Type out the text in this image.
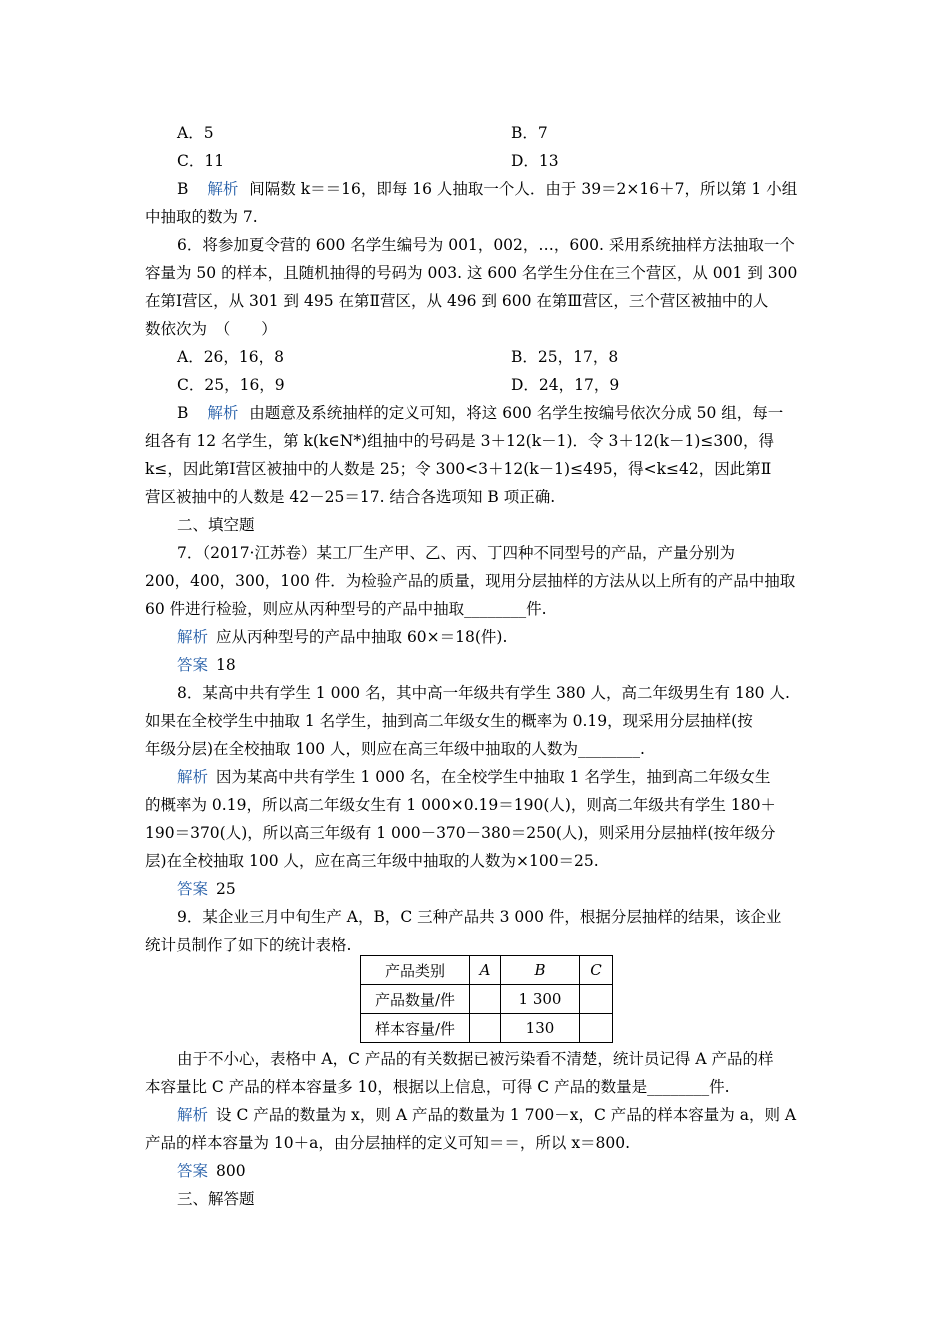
A．5	B．7
C．11	D．13
B 解析 间隔数 k＝＝16，即每 16 人抽取一个人．由于 39＝2×16＋7，所以第 1 小组
中抽取的数为 7.
6．将参加夏令营的 600 名学生编号为 001，002，…，600. 采用系统抽样方法抽取一个
容量为 50 的样本，且随机抽得的号码为 003. 这 600 名学生分住在三个营区，从 001 到 300
在第Ⅰ营区，从 301 到 495 在第Ⅱ营区，从 496 到 600 在第Ⅲ营区，三个营区被抽中的人
数依次为　（　　）
A．26，16，8	B．25，17，8
C．25，16，9	D．24，17，9
B 解析 由题意及系统抽样的定义可知，将这 600 名学生按编号依次分成 50 组，每一
组各有 12 名学生，第 k(k∈N*)组抽中的号码是 3＋12(k－1)．令 3＋12(k－1)≤300，得
k≤，因此第Ⅰ营区被抽中的人数是 25；令 300<3＋12(k－1)≤495，得<k≤42，因此第Ⅱ
营区被抽中的人数是 42－25＝17. 结合各选项知 B 项正确.
二、填空题
7．（2017·江苏卷）某工厂生产甲、乙、丙、丁四种不同型号的产品，产量分别为
200，400，300，100 件．为检验产品的质量，现用分层抽样的方法从以上所有的产品中抽取
60 件进行检验，则应从丙种型号的产品中抽取________件.
解析 应从丙种型号的产品中抽取 60×＝18(件).
答案 18
8．某高中共有学生 1 000 名，其中高一年级共有学生 380 人，高二年级男生有 180 人.
如果在全校学生中抽取 1 名学生，抽到高二年级女生的概率为 0.19，现采用分层抽样(按
年级分层)在全校抽取 100 人，则应在高三年级中抽取的人数为________.
解析 因为某高中共有学生 1 000 名，在全校学生中抽取 1 名学生，抽到高二年级女生
的概率为 0.19，所以高二年级女生有 1 000×0.19＝190(人)，则高二年级共有学生 180＋
190＝370(人)，所以高三年级有 1 000－370－380＝250(人)，则采用分层抽样(按年级分
层)在全校抽取 100 人，应在高三年级中抽取的人数为×100＝25.
答案 25
9．某企业三月中旬生产 A，B，C 三种产品共 3 000 件，根据分层抽样的结果，该企业
统计员制作了如下的统计表格.
产品类别	A	B	C
产品数量/件		1 300	
样本容量/件		130	
由于不小心，表格中 A，C 产品的有关数据已被污染看不清楚，统计员记得 A 产品的样
本容量比 C 产品的样本容量多 10，根据以上信息，可得 C 产品的数量是________件.
解析 设 C 产品的数量为 x，则 A 产品的数量为 1 700－x，C 产品的样本容量为 a，则 A
产品的样本容量为 10＋a，由分层抽样的定义可知＝＝，所以 x＝800.
答案 800
三、解答题
